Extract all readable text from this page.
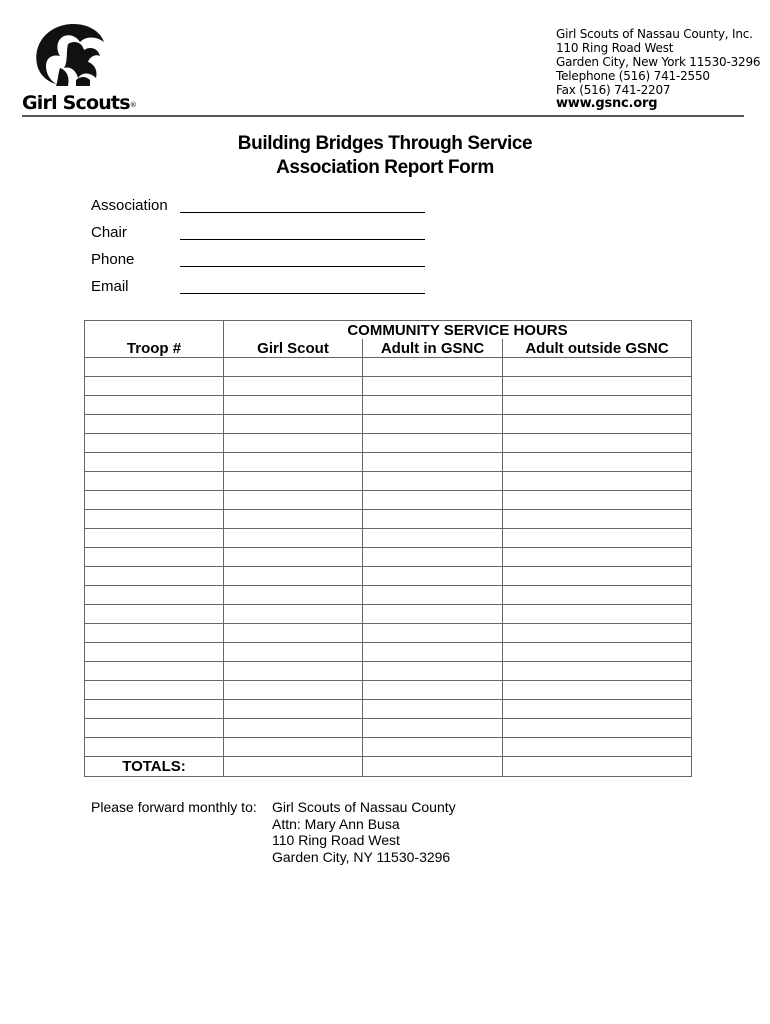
Girl Scouts®
Girl Scouts of Nassau County, Inc.
110 Ring Road West
Garden City, New York 11530-3296
Telephone (516) 741-2550
Fax (516) 741-2207
www.gsnc.org
Building Bridges Through Service
Association Report Form
Association
Chair
Phone
Email
	COMMUNITY SERVICE HOURS		
Troop #	Girl Scout	Adult in GSNC	Adult outside GSNC

TOTALS:			
Please forward monthly to: Girl Scouts of Nassau County
Attn: Mary Ann Busa
110 Ring Road West
Garden City, NY 11530-3296
